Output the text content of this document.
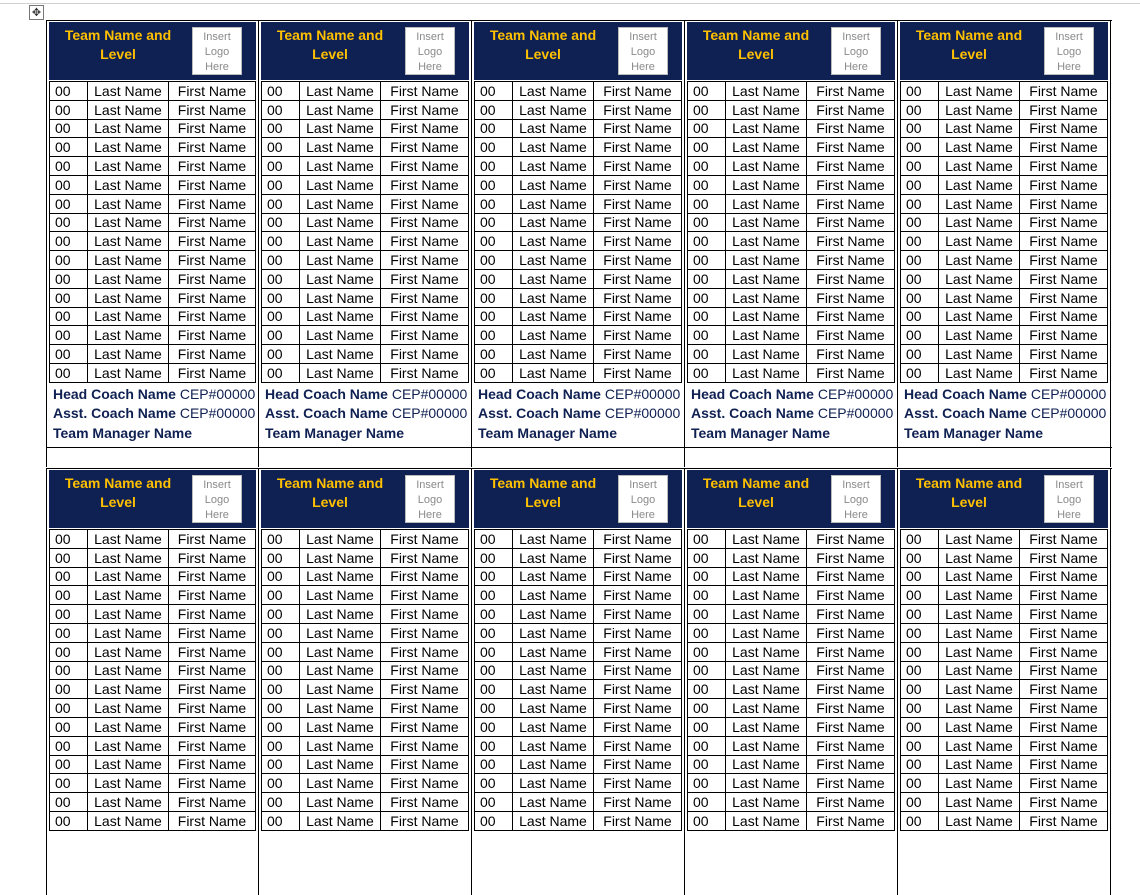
✥
Team Name and Level
Insert Logo Here
00	Last Name	First Name
00	Last Name	First Name
00	Last Name	First Name
00	Last Name	First Name
00	Last Name	First Name
00	Last Name	First Name
00	Last Name	First Name
00	Last Name	First Name
00	Last Name	First Name
00	Last Name	First Name
00	Last Name	First Name
00	Last Name	First Name
00	Last Name	First Name
00	Last Name	First Name
00	Last Name	First Name
00	Last Name	First Name
Head Coach Name CEP#00000
Asst. Coach Name CEP#00000
Team Manager Name
Team Name and Level
Insert Logo Here
00	Last Name	First Name
00	Last Name	First Name
00	Last Name	First Name
00	Last Name	First Name
00	Last Name	First Name
00	Last Name	First Name
00	Last Name	First Name
00	Last Name	First Name
00	Last Name	First Name
00	Last Name	First Name
00	Last Name	First Name
00	Last Name	First Name
00	Last Name	First Name
00	Last Name	First Name
00	Last Name	First Name
00	Last Name	First Name
Head Coach Name CEP#00000
Asst. Coach Name CEP#00000
Team Manager Name
Team Name and Level
Insert Logo Here
00	Last Name	First Name
00	Last Name	First Name
00	Last Name	First Name
00	Last Name	First Name
00	Last Name	First Name
00	Last Name	First Name
00	Last Name	First Name
00	Last Name	First Name
00	Last Name	First Name
00	Last Name	First Name
00	Last Name	First Name
00	Last Name	First Name
00	Last Name	First Name
00	Last Name	First Name
00	Last Name	First Name
00	Last Name	First Name
Head Coach Name CEP#00000
Asst. Coach Name CEP#00000
Team Manager Name
Team Name and Level
Insert Logo Here
00	Last Name	First Name
00	Last Name	First Name
00	Last Name	First Name
00	Last Name	First Name
00	Last Name	First Name
00	Last Name	First Name
00	Last Name	First Name
00	Last Name	First Name
00	Last Name	First Name
00	Last Name	First Name
00	Last Name	First Name
00	Last Name	First Name
00	Last Name	First Name
00	Last Name	First Name
00	Last Name	First Name
00	Last Name	First Name
Head Coach Name CEP#00000
Asst. Coach Name CEP#00000
Team Manager Name
Team Name and Level
Insert Logo Here
00	Last Name	First Name
00	Last Name	First Name
00	Last Name	First Name
00	Last Name	First Name
00	Last Name	First Name
00	Last Name	First Name
00	Last Name	First Name
00	Last Name	First Name
00	Last Name	First Name
00	Last Name	First Name
00	Last Name	First Name
00	Last Name	First Name
00	Last Name	First Name
00	Last Name	First Name
00	Last Name	First Name
00	Last Name	First Name
Head Coach Name CEP#00000
Asst. Coach Name CEP#00000
Team Manager Name
Team Name and Level
Insert Logo Here
00	Last Name	First Name
00	Last Name	First Name
00	Last Name	First Name
00	Last Name	First Name
00	Last Name	First Name
00	Last Name	First Name
00	Last Name	First Name
00	Last Name	First Name
00	Last Name	First Name
00	Last Name	First Name
00	Last Name	First Name
00	Last Name	First Name
00	Last Name	First Name
00	Last Name	First Name
00	Last Name	First Name
00	Last Name	First Name
Team Name and Level
Insert Logo Here
00	Last Name	First Name
00	Last Name	First Name
00	Last Name	First Name
00	Last Name	First Name
00	Last Name	First Name
00	Last Name	First Name
00	Last Name	First Name
00	Last Name	First Name
00	Last Name	First Name
00	Last Name	First Name
00	Last Name	First Name
00	Last Name	First Name
00	Last Name	First Name
00	Last Name	First Name
00	Last Name	First Name
00	Last Name	First Name
Team Name and Level
Insert Logo Here
00	Last Name	First Name
00	Last Name	First Name
00	Last Name	First Name
00	Last Name	First Name
00	Last Name	First Name
00	Last Name	First Name
00	Last Name	First Name
00	Last Name	First Name
00	Last Name	First Name
00	Last Name	First Name
00	Last Name	First Name
00	Last Name	First Name
00	Last Name	First Name
00	Last Name	First Name
00	Last Name	First Name
00	Last Name	First Name
Team Name and Level
Insert Logo Here
00	Last Name	First Name
00	Last Name	First Name
00	Last Name	First Name
00	Last Name	First Name
00	Last Name	First Name
00	Last Name	First Name
00	Last Name	First Name
00	Last Name	First Name
00	Last Name	First Name
00	Last Name	First Name
00	Last Name	First Name
00	Last Name	First Name
00	Last Name	First Name
00	Last Name	First Name
00	Last Name	First Name
00	Last Name	First Name
Team Name and Level
Insert Logo Here
00	Last Name	First Name
00	Last Name	First Name
00	Last Name	First Name
00	Last Name	First Name
00	Last Name	First Name
00	Last Name	First Name
00	Last Name	First Name
00	Last Name	First Name
00	Last Name	First Name
00	Last Name	First Name
00	Last Name	First Name
00	Last Name	First Name
00	Last Name	First Name
00	Last Name	First Name
00	Last Name	First Name
00	Last Name	First Name
